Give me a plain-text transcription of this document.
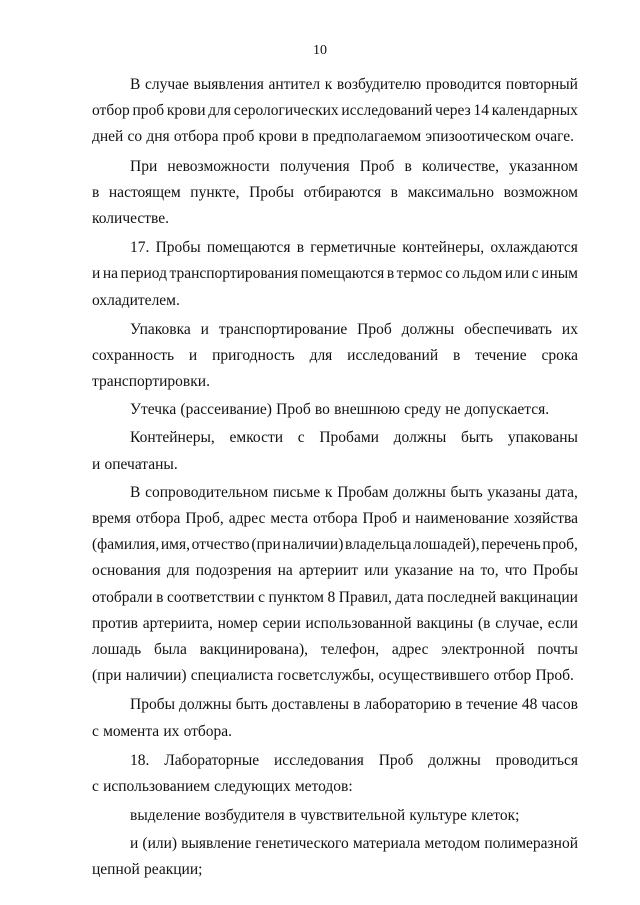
10
В случае выявления антител к возбудителю проводится повторный
отбор проб крови для серологических исследований через 14 календарных
дней со дня отбора проб крови в предполагаемом эпизоотическом очаге.
При невозможности получения Проб в количестве, указанном
в настоящем пункте, Пробы отбираются в максимально возможном
количестве.
17. Пробы помещаются в герметичные контейнеры, охлаждаются
и на период транспортирования помещаются в термос со льдом или с иным
охладителем.
Упаковка и транспортирование Проб должны обеспечивать их
сохранность и пригодность для исследований в течение срока
транспортировки.
Утечка (рассеивание) Проб во внешнюю среду не допускается.
Контейнеры, емкости с Пробами должны быть упакованы
и опечатаны.
В сопроводительном письме к Пробам должны быть указаны дата,
время отбора Проб, адрес места отбора Проб и наименование хозяйства
(фамилия, имя, отчество (при наличии) владельца лошадей), перечень проб,
основания для подозрения на артериит или указание на то, что Пробы
отобрали в соответствии с пунктом 8 Правил, дата последней вакцинации
против артериита, номер серии использованной вакцины (в случае, если
лошадь была вакцинирована), телефон, адрес электронной почты
(при наличии) специалиста госветслужбы, осуществившего отбор Проб.
Пробы должны быть доставлены в лабораторию в течение 48 часов
с момента их отбора.
18. Лабораторные исследования Проб должны проводиться
с использованием следующих методов:
выделение возбудителя в чувствительной культуре клеток;
и (или) выявление генетического материала методом полимеразной
цепной реакции;
